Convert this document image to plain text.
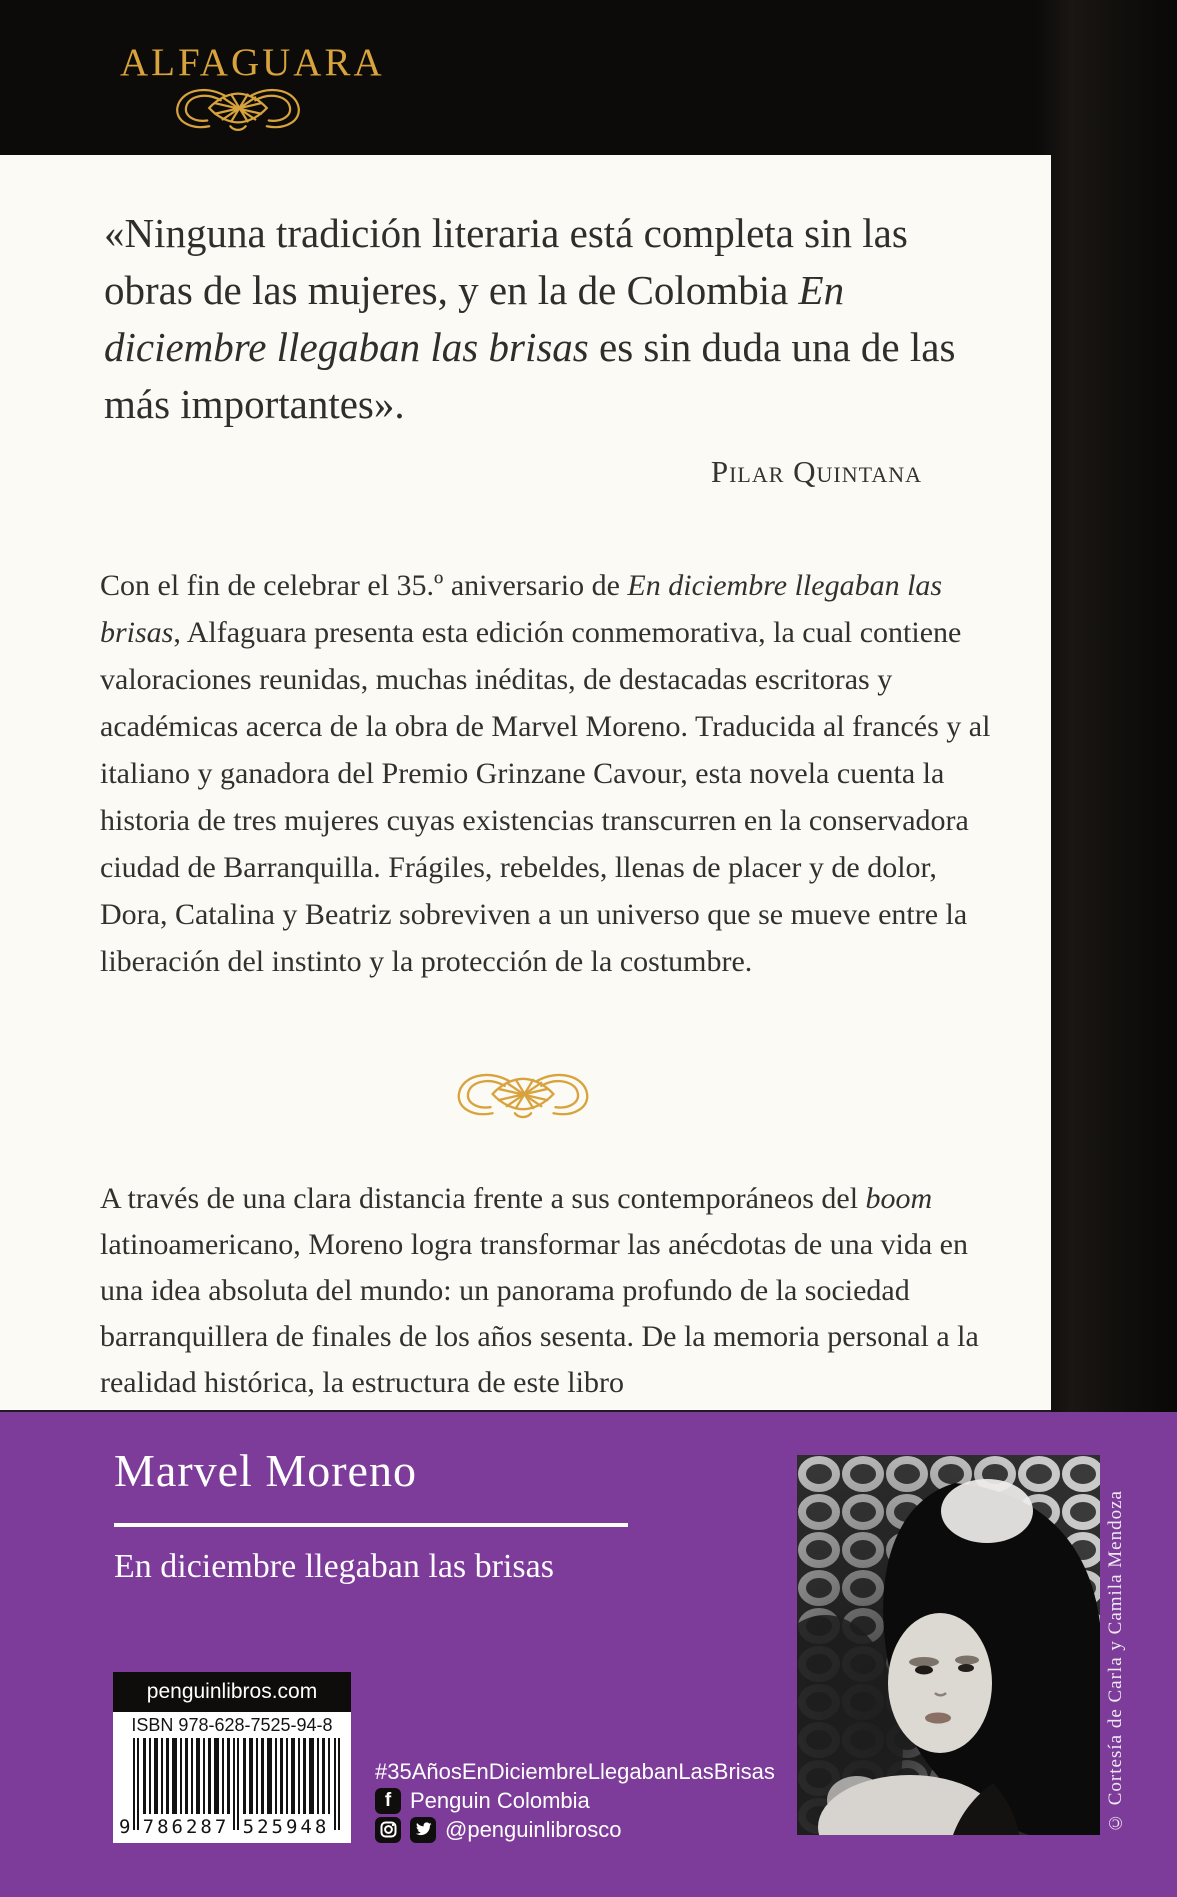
ALFAGUARA
«Ninguna tradición literaria está completa sin las obras de las mujeres, y en la de Colombia En diciembre llegaban las brisas es sin duda una de las más importantes».
Pilar Quintana
Con el fin de celebrar el 35.º aniversario de En diciembre llegaban las brisas, Alfaguara presenta esta edición conmemorativa, la cual contiene valoraciones reunidas, muchas inéditas, de destacadas escritoras y académicas acerca de la obra de Marvel Moreno. Traducida al francés y al italiano y ganadora del Premio Grinzane Cavour, esta novela cuenta la historia de tres mujeres cuyas existencias transcurren en la conservadora ciudad de Barranquilla. Frágiles, rebeldes, llenas de placer y de dolor, Dora, Catalina y Beatriz sobreviven a un universo que se mueve entre la liberación del instinto y la protección de la costumbre.
A través de una clara distancia frente a sus contemporáneos del boom latinoamericano, Moreno logra transformar las anécdotas de una vida en una idea absoluta del mundo: un panorama profundo de la sociedad barranquillera de finales de los años sesenta. De la memoria personal a la realidad histórica, la estructura de este libro
Marvel Moreno
En diciembre llegaban las brisas	© Cortesía de Carla y Camila Mendoza
penguinlibros.com
ISBN 978-628-7525-94-8
9 786287 525948
#35AñosEnDiciembreLlegabanLasBrisas
f Penguin Colombia
@penguinlibrosco
